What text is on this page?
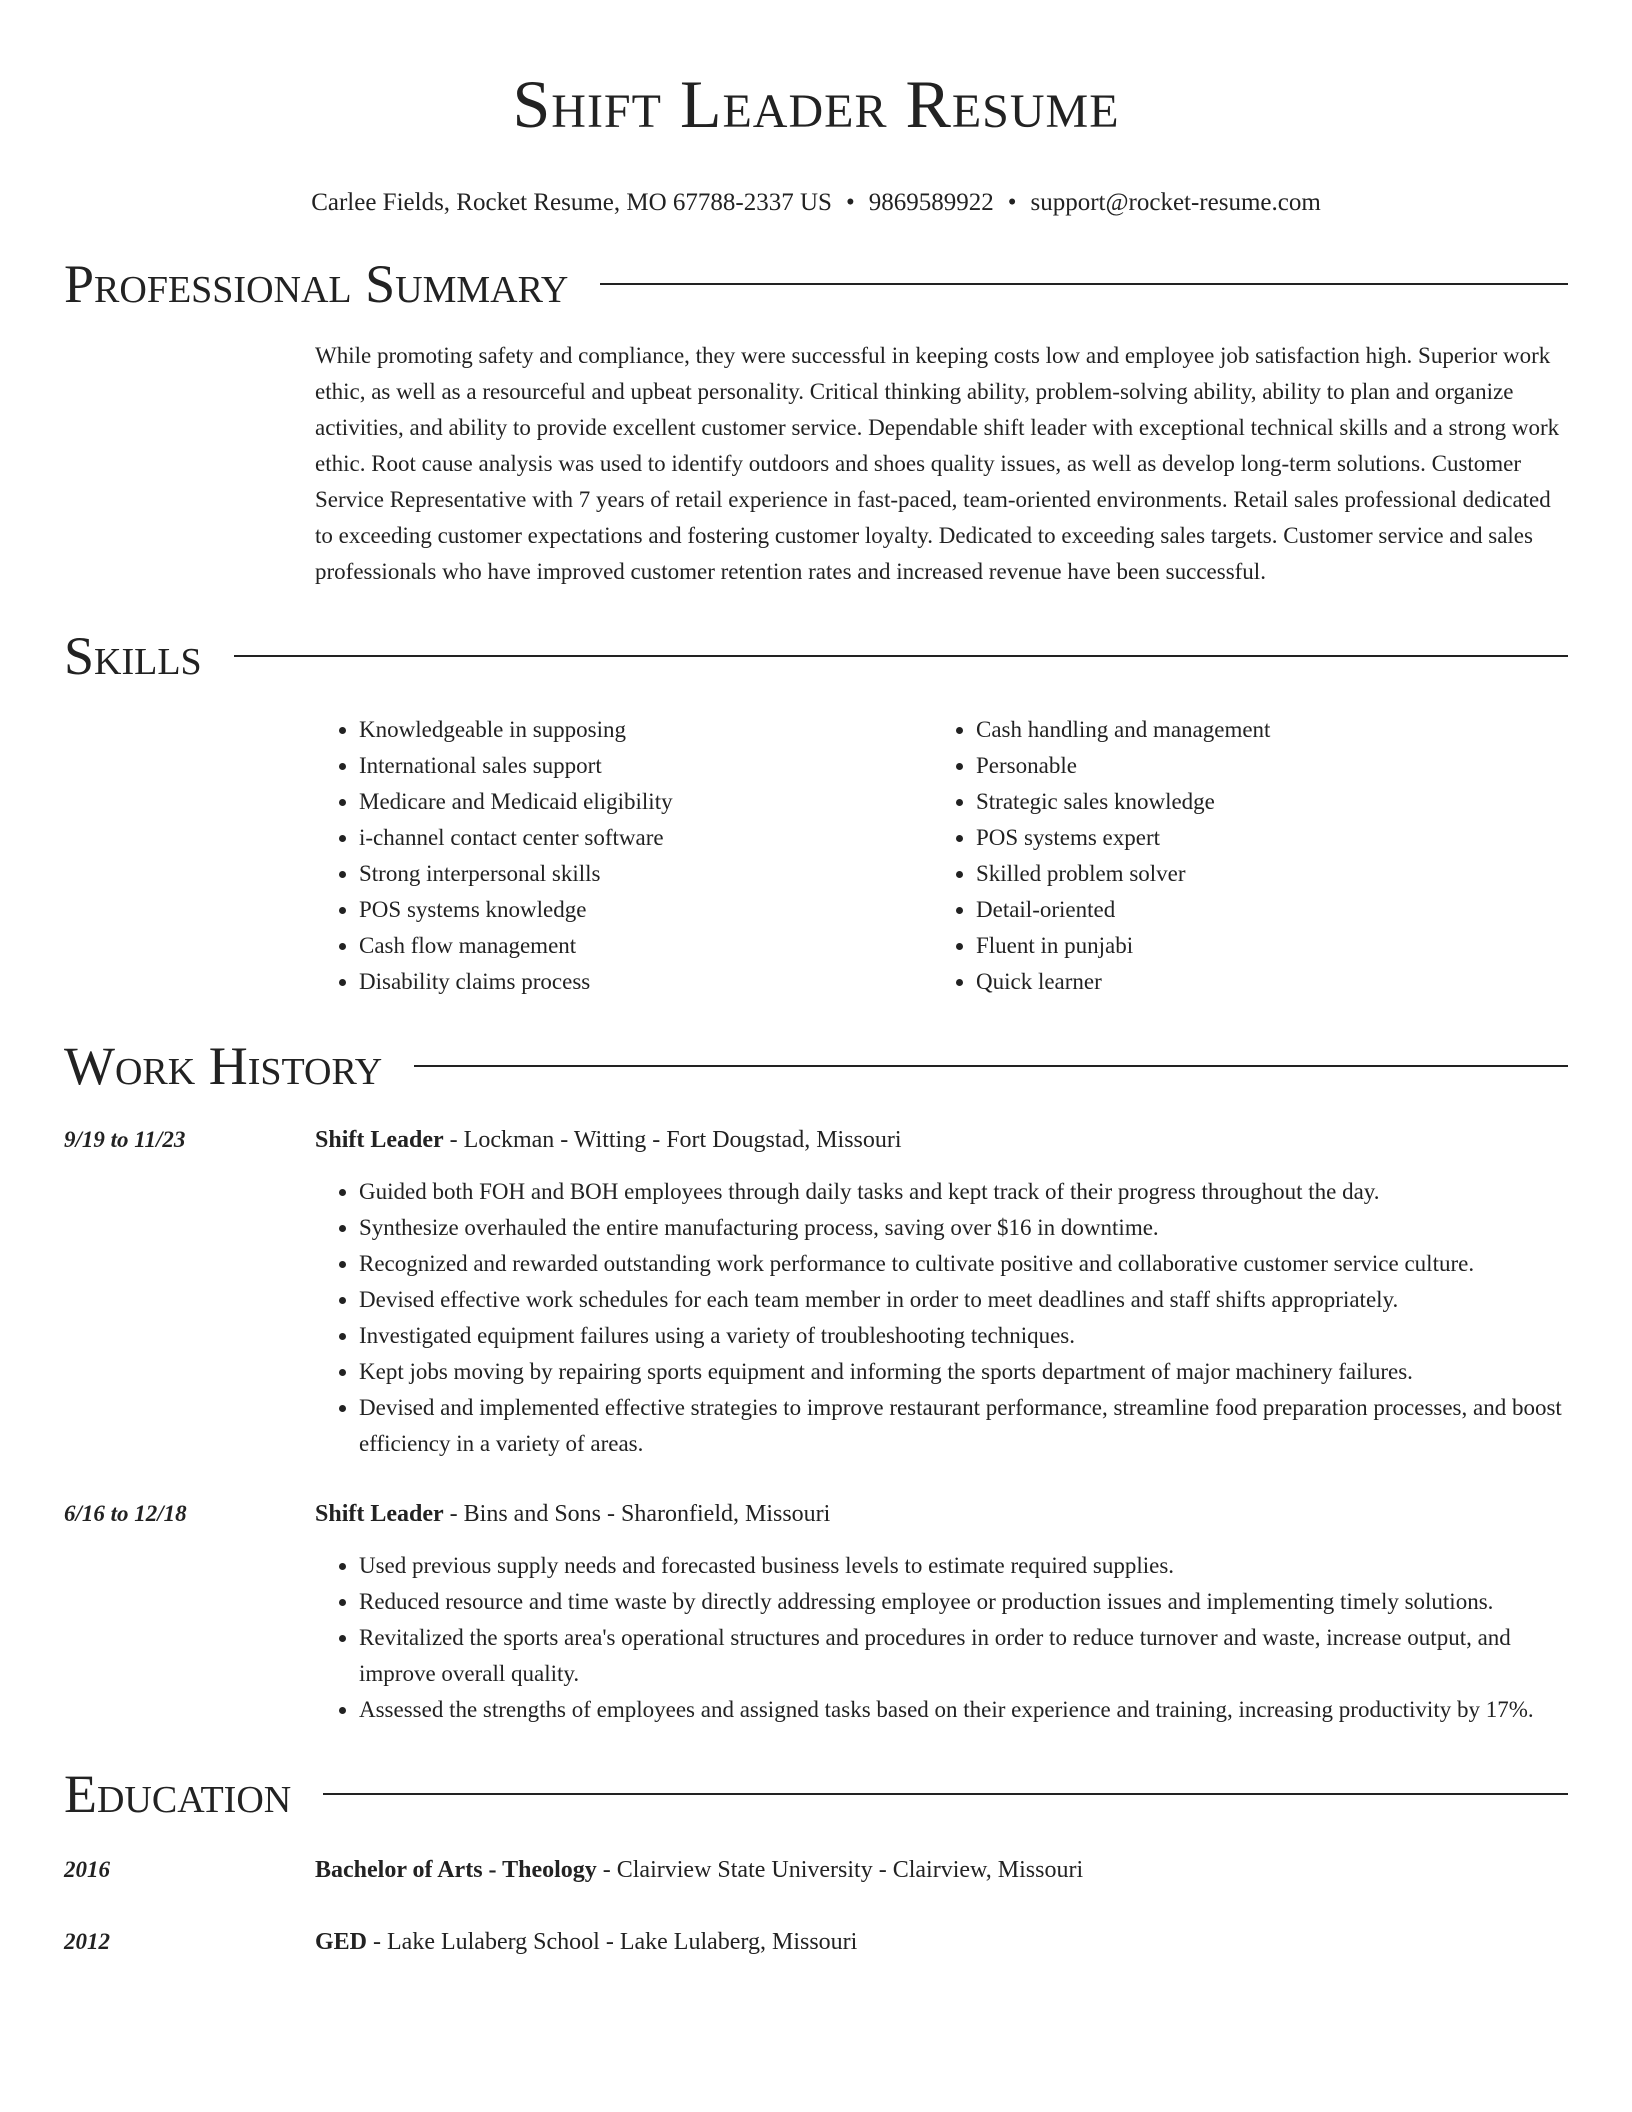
Shift Leader Resume
Carlee Fields, Rocket Resume, MO 67788-2337 US • 9869589922 • support@rocket-resume.com
Professional Summary
While promoting safety and compliance, they were successful in keeping costs low and employee job satisfaction high. Superior work ethic, as well as a resourceful and upbeat personality. Critical thinking ability, problem-solving ability, ability to plan and organize activities, and ability to provide excellent customer service. Dependable shift leader with exceptional technical skills and a strong work ethic. Root cause analysis was used to identify outdoors and shoes quality issues, as well as develop long-term solutions. Customer Service Representative with 7 years of retail experience in fast-paced, team-oriented environments. Retail sales professional dedicated to exceeding customer expectations and fostering customer loyalty. Dedicated to exceeding sales targets. Customer service and sales professionals who have improved customer retention rates and increased revenue have been successful.
Skills
• Knowledgeable in supposing
• International sales support
• Medicare and Medicaid eligibility
• i-channel contact center software
• Strong interpersonal skills
• POS systems knowledge
• Cash flow management
• Disability claims process
• Cash handling and management
• Personable
• Strategic sales knowledge
• POS systems expert
• Skilled problem solver
• Detail-oriented
• Fluent in punjabi
• Quick learner
Work History
9/19 to 11/23	Shift Leader - Lockman - Witting - Fort Dougstad, Missouri
• Guided both FOH and BOH employees through daily tasks and kept track of their progress throughout the day.
• Synthesize overhauled the entire manufacturing process, saving over $16 in downtime.
• Recognized and rewarded outstanding work performance to cultivate positive and collaborative customer service culture.
• Devised effective work schedules for each team member in order to meet deadlines and staff shifts appropriately.
• Investigated equipment failures using a variety of troubleshooting techniques.
• Kept jobs moving by repairing sports equipment and informing the sports department of major machinery failures.
• Devised and implemented effective strategies to improve restaurant performance, streamline food preparation processes, and boost efficiency in a variety of areas.
6/16 to 12/18	Shift Leader - Bins and Sons - Sharonfield, Missouri
• Used previous supply needs and forecasted business levels to estimate required supplies.
• Reduced resource and time waste by directly addressing employee or production issues and implementing timely solutions.
• Revitalized the sports area's operational structures and procedures in order to reduce turnover and waste, increase output, and improve overall quality.
• Assessed the strengths of employees and assigned tasks based on their experience and training, increasing productivity by 17%.
Education
2016	Bachelor of Arts - Theology - Clairview State University - Clairview, Missouri
2012	GED - Lake Lulaberg School - Lake Lulaberg, Missouri
